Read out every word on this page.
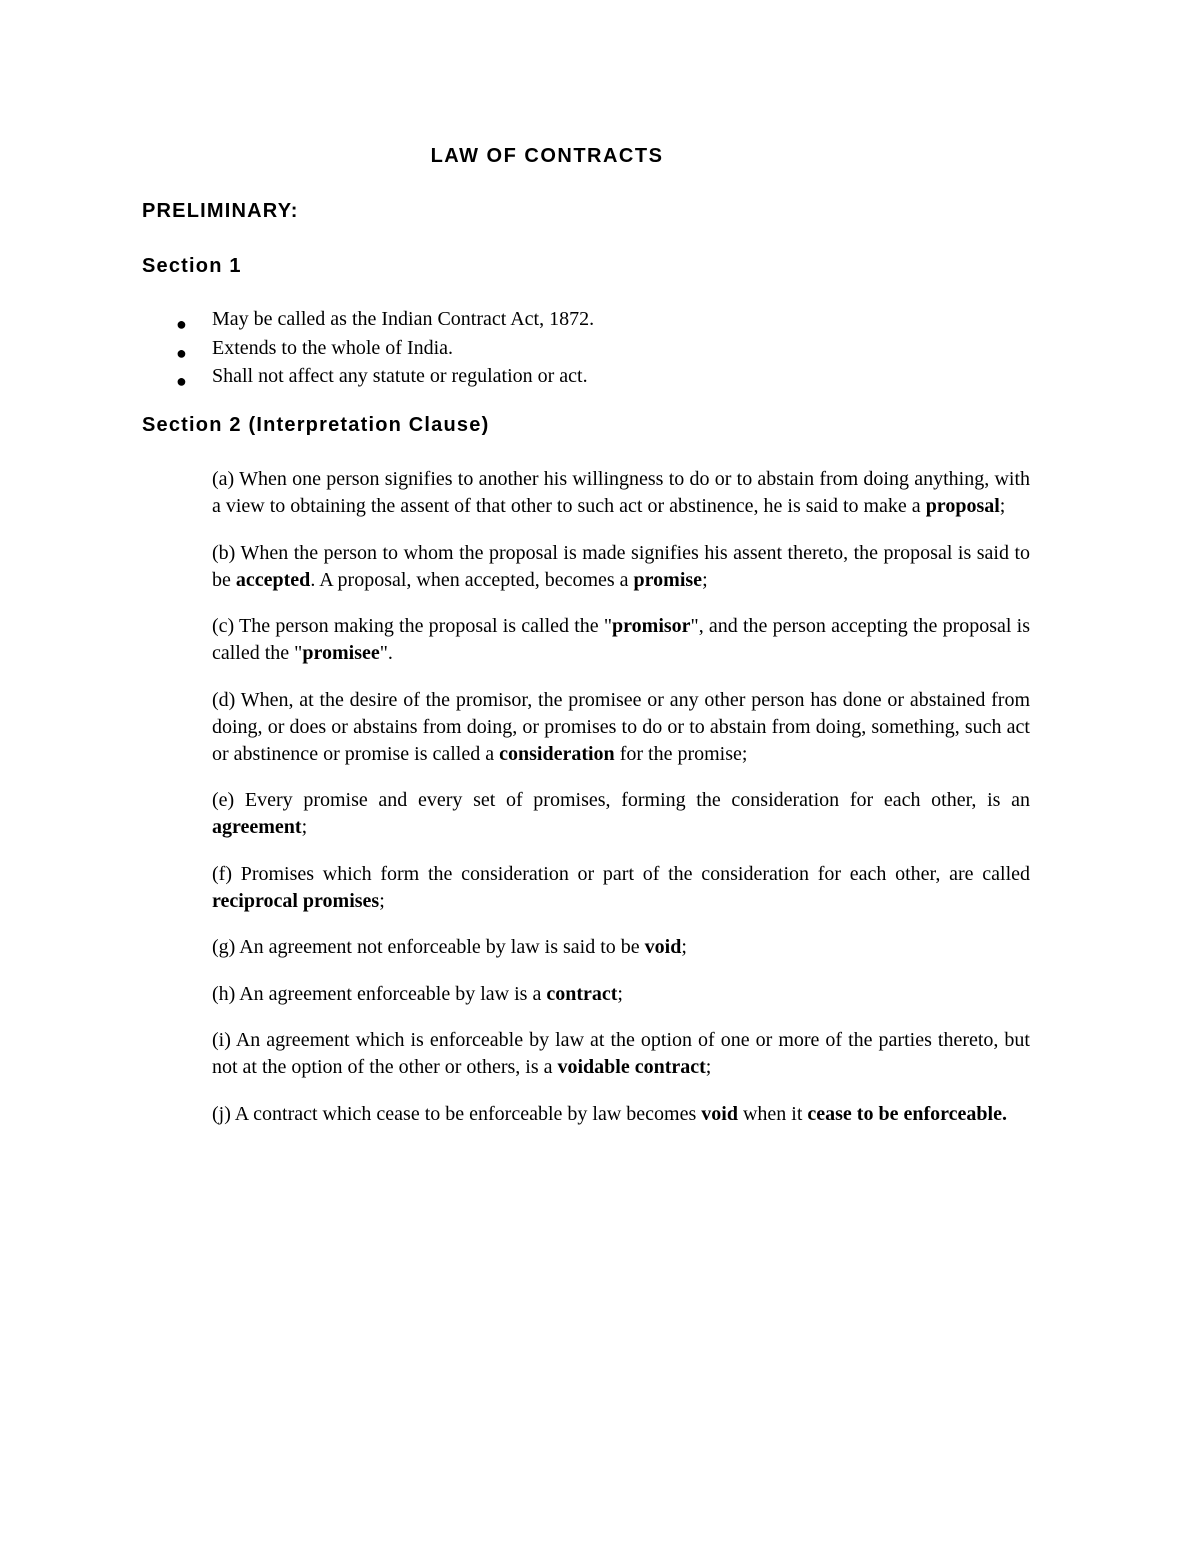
LAW OF CONTRACTS
PRELIMINARY:
Section 1
● May be called as the Indian Contract Act, 1872.
● Extends to the whole of India.
● Shall not affect any statute or regulation or act.
Section 2 (Interpretation Clause)

(a) When one person signifies to another his willingness to do or to abstain from doing anything, with a view to obtaining the assent of that other to such act or abstinence, he is said to make a proposal;

(b) When the person to whom the proposal is made signifies his assent thereto, the proposal is said to be accepted. A proposal, when accepted, becomes a promise;

(c) The person making the proposal is called the "promisor", and the person accepting the proposal is called the "promisee".

(d) When, at the desire of the promisor, the promisee or any other person has done or abstained from doing, or does or abstains from doing, or promises to do or to abstain from doing, something, such act or abstinence or promise is called a consideration for the promise;

(e) Every promise and every set of promises, forming the consideration for each other, is an agreement;

(f) Promises which form the consideration or part of the consideration for each other, are called reciprocal promises;

(g) An agreement not enforceable by law is said to be void;

(h) An agreement enforceable by law is a contract;

(i) An agreement which is enforceable by law at the option of one or more of the parties thereto, but not at the option of the other or others, is a voidable contract;

(j) A contract which cease to be enforceable by law becomes void when it cease to be enforceable.
